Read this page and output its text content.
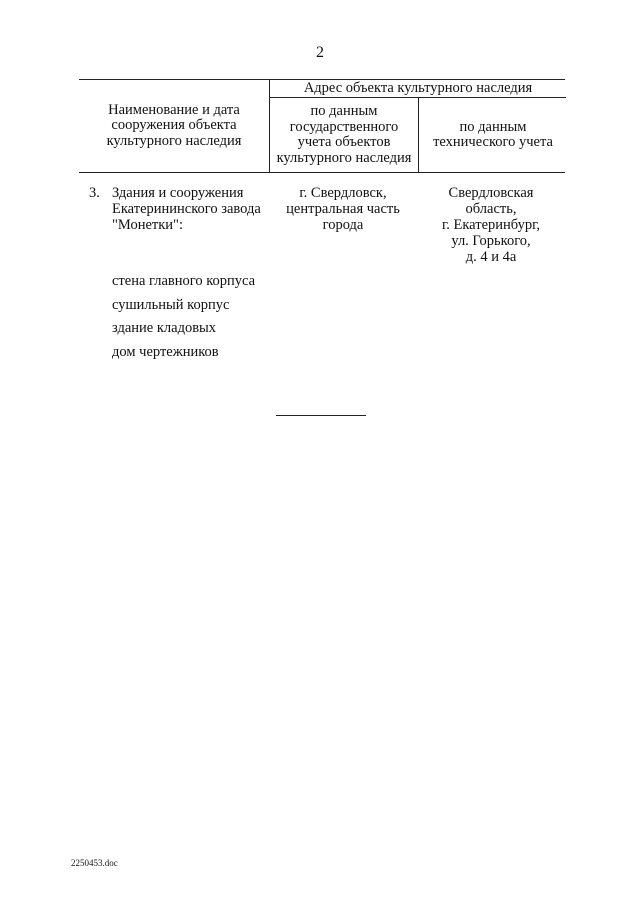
2
Наименование и дата
сооружения объекта
культурного наследия
Адрес объекта культурного наследия
по данным
государственного
учета объектов
культурного наследия
по данным
технического учета
3. Здания и сооружения
Екатерининского завода
"Монетки":
г. Свердловск,
центральная часть
города
Свердловская
область,
г. Екатеринбург,
ул. Горького,
д. 4 и 4а
стена главного корпуса
сушильный корпус
здание кладовых
дом чертежников
2250453.doc
